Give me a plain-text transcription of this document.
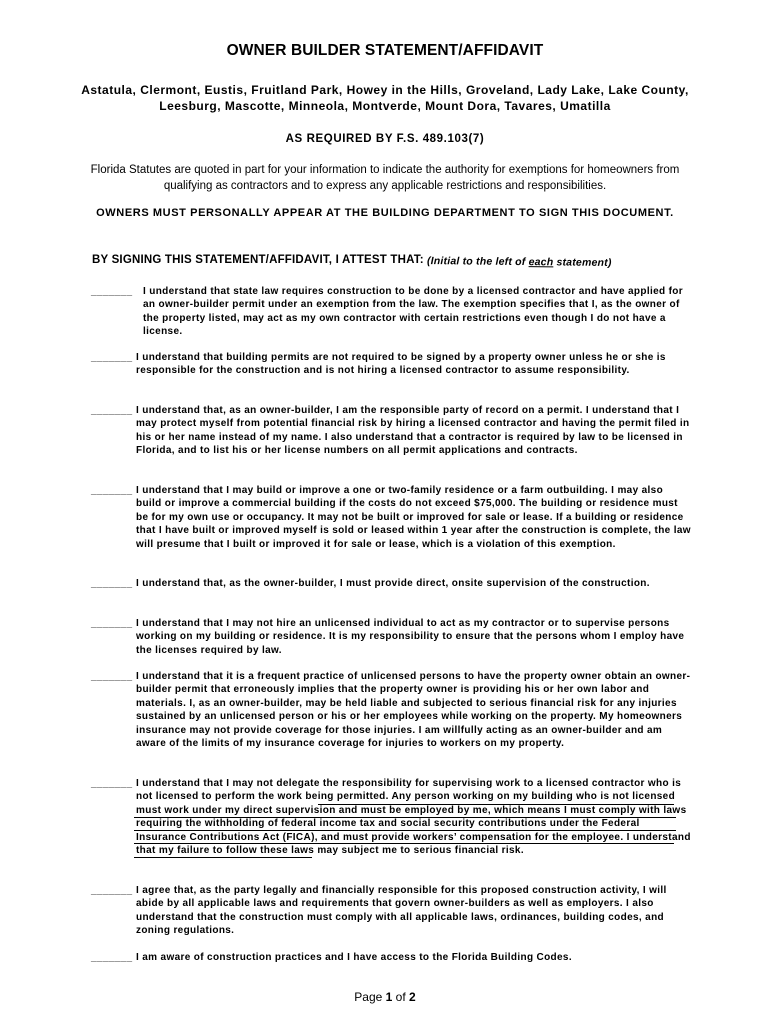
OWNER BUILDER STATEMENT/AFFIDAVIT
Astatula, Clermont, Eustis, Fruitland Park, Howey in the Hills, Groveland, Lady Lake, Lake County, Leesburg, Mascotte, Minneola, Montverde, Mount Dora, Tavares, Umatilla
AS REQUIRED BY F.S. 489.103(7)
Florida Statutes are quoted in part for your information to indicate the authority for exemptions for homeowners from qualifying as contractors and to express any applicable restrictions and responsibilities.
OWNERS MUST PERSONALLY APPEAR AT THE BUILDING DEPARTMENT TO SIGN THIS DOCUMENT.
BY SIGNING THIS STATEMENT/AFFIDAVIT, I ATTEST THAT: (Initial to the left of each statement)
_______	I understand that state law requires construction to be done by a licensed contractor and have applied for an owner-builder permit under an exemption from the law. The exemption specifies that I, as the owner of the property listed, may act as my own contractor with certain restrictions even though I do not have a license.
_______ I understand that building permits are not required to be signed by a property owner unless he or she is responsible for the construction and is not hiring a licensed contractor to assume responsibility.
_______ I understand that, as an owner-builder, I am the responsible party of record on a permit. I understand that I may protect myself from potential financial risk by hiring a licensed contractor and having the permit filed in his or her name instead of my name. I also understand that a contractor is required by law to be licensed in Florida, and to list his or her license numbers on all permit applications and contracts.
_______ I understand that I may build or improve a one or two-family residence or a farm outbuilding. I may also build or improve a commercial building if the costs do not exceed $75,000. The building or residence must be for my own use or occupancy. It may not be built or improved for sale or lease. If a building or residence that I have built or improved myself is sold or leased within 1 year after the construction is complete, the law will presume that I built or improved it for sale or lease, which is a violation of this exemption.
_______ I understand that, as the owner-builder, I must provide direct, onsite supervision of the construction.
_______ I understand that I may not hire an unlicensed individual to act as my contractor or to supervise persons working on my building or residence. It is my responsibility to ensure that the persons whom I employ have the licenses required by law.
_______ I understand that it is a frequent practice of unlicensed persons to have the property owner obtain an owner-builder permit that erroneously implies that the property owner is providing his or her own labor and materials. I, as an owner-builder, may be held liable and subjected to serious financial risk for any injuries sustained by an unlicensed person or his or her employees while working on the property. My homeowners insurance may not provide coverage for those injuries. I am willfully acting as an owner-builder and am aware of the limits of my insurance coverage for injuries to workers on my property.
_______ I understand that I may not delegate the responsibility for supervising work to a licensed contractor who is not licensed to perform the work being permitted. Any person working on my building who is not licensed must work under my direct supervision and must be employed by me, which means I must comply with laws requiring the withholding of federal income tax and social security contributions under the Federal Insurance Contributions Act (FICA), and must provide workers’ compensation for the employee. I understand that my failure to follow these laws may subject me to serious financial risk.
_______ I agree that, as the party legally and financially responsible for this proposed construction activity, I will abide by all applicable laws and requirements that govern owner-builders as well as employers. I also understand that the construction must comply with all applicable laws, ordinances, building codes, and zoning regulations.
_______ I am aware of construction practices and I have access to the Florida Building Codes.
Page 1 of 2
